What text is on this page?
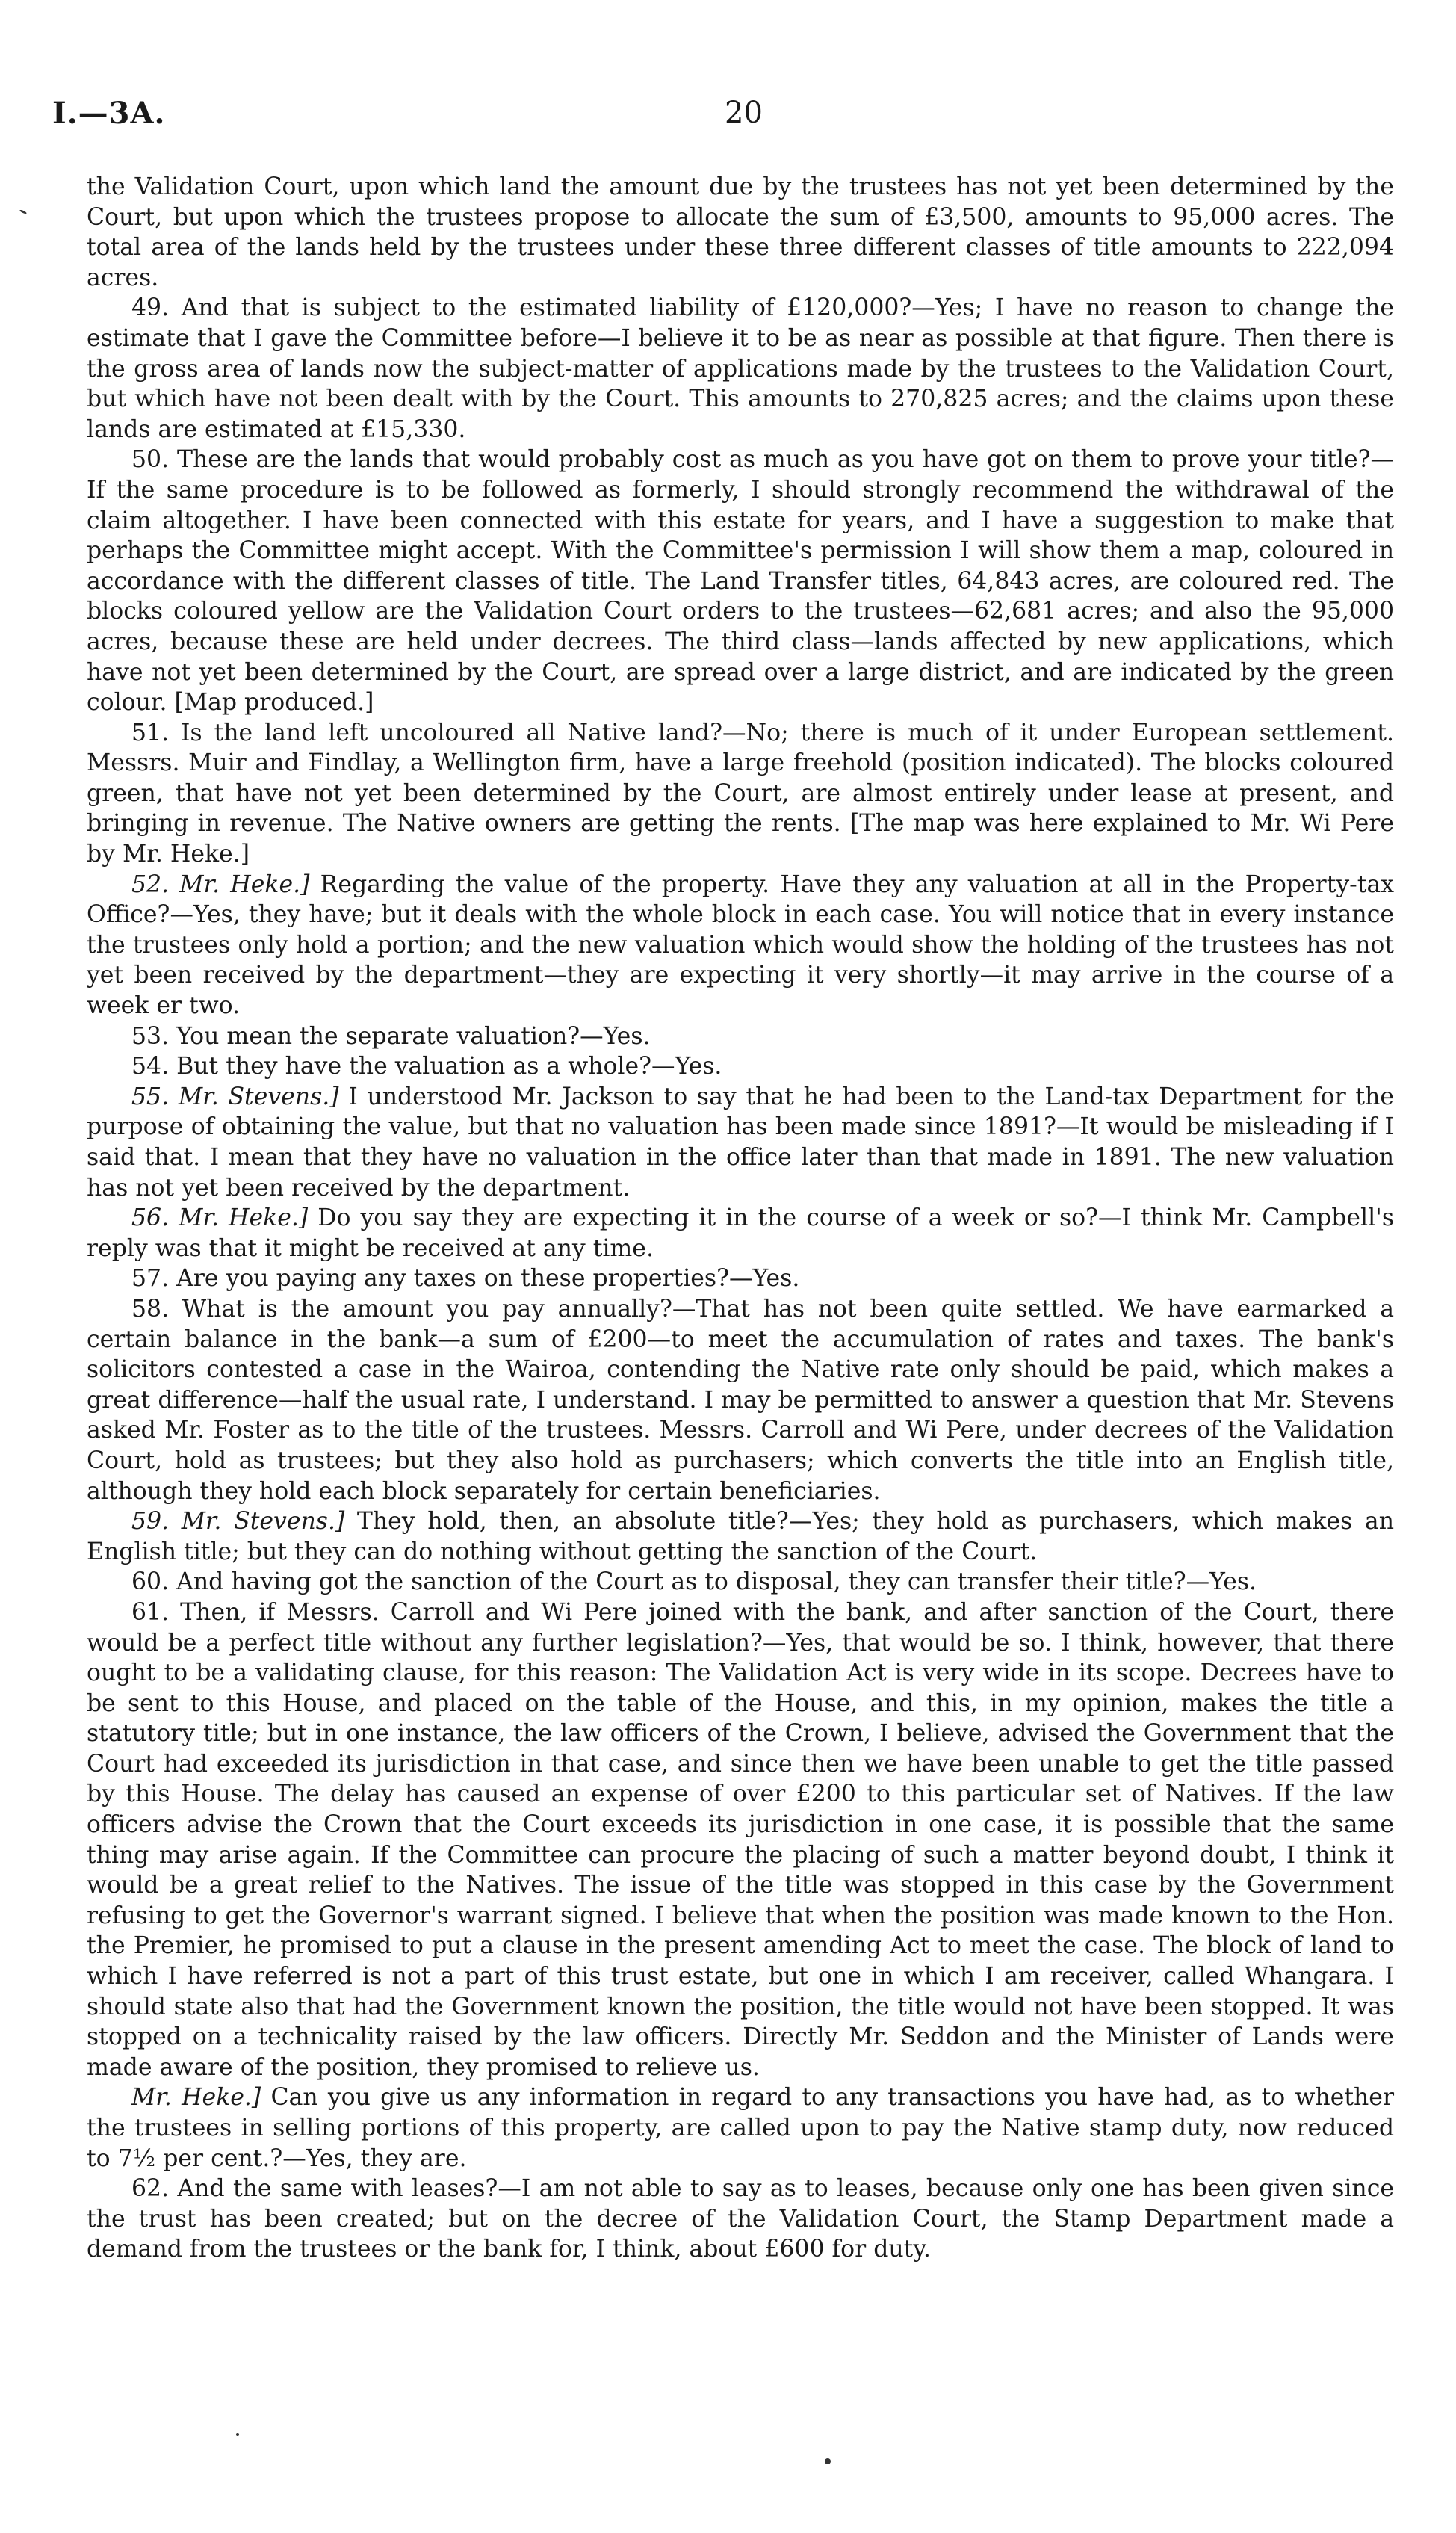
I.—3A.	20

the Validation Court, upon which land the amount due by the trustees has not yet been determined by the Court, but upon which the trustees propose to allocate the sum of £3,500, amounts to 95,000 acres. The total area of the lands held by the trustees under these three different classes of title amounts to 222,094 acres.

49. And that is subject to the estimated liability of £120,000?—Yes; I have no reason to change the estimate that I gave the Committee before—I believe it to be as near as possible at that figure. Then there is the gross area of lands now the subject-matter of applications made by the trustees to the Validation Court, but which have not been dealt with by the Court. This amounts to 270,825 acres; and the claims upon these lands are estimated at £15,330.

50. These are the lands that would probably cost as much as you have got on them to prove your title?—If the same procedure is to be followed as formerly, I should strongly recommend the withdrawal of the claim altogether. I have been connected with this estate for years, and I have a suggestion to make that perhaps the Committee might accept. With the Committee's permission I will show them a map, coloured in accordance with the different classes of title. The Land Transfer titles, 64,843 acres, are coloured red. The blocks coloured yellow are the Validation Court orders to the trustees—62,681 acres; and also the 95,000 acres, because these are held under decrees. The third class—lands affected by new applications, which have not yet been determined by the Court, are spread over a large district, and are indicated by the green colour. [Map produced.]

51. Is the land left uncoloured all Native land?—No; there is much of it under European settlement. Messrs. Muir and Findlay, a Wellington firm, have a large freehold (position indicated). The blocks coloured green, that have not yet been determined by the Court, are almost entirely under lease at present, and bringing in revenue. The Native owners are getting the rents. [The map was here explained to Mr. Wi Pere by Mr. Heke.]

52. Mr. Heke.] Regarding the value of the property. Have they any valuation at all in the Property-tax Office?—Yes, they have; but it deals with the whole block in each case. You will notice that in every instance the trustees only hold a portion; and the new valuation which would show the holding of the trustees has not yet been received by the department—they are expecting it very shortly—it may arrive in the course of a week er two.

53. You mean the separate valuation?—Yes.

54. But they have the valuation as a whole?—Yes.

55. Mr. Stevens.] I understood Mr. Jackson to say that he had been to the Land-tax Department for the purpose of obtaining the value, but that no valuation has been made since 1891?—It would be misleading if I said that. I mean that they have no valuation in the office later than that made in 1891. The new valuation has not yet been received by the department.

56. Mr. Heke.] Do you say they are expecting it in the course of a week or so?—I think Mr. Campbell's reply was that it might be received at any time.

57. Are you paying any taxes on these properties?—Yes.

58. What is the amount you pay annually?—That has not been quite settled. We have earmarked a certain balance in the bank—a sum of £200—to meet the accumulation of rates and taxes. The bank's solicitors contested a case in the Wairoa, contending the Native rate only should be paid, which makes a great difference—half the usual rate, I understand. I may be permitted to answer a question that Mr. Stevens asked Mr. Foster as to the title of the trustees. Messrs. Carroll and Wi Pere, under decrees of the Validation Court, hold as trustees; but they also hold as purchasers; which converts the title into an English title, although they hold each block separately for certain beneficiaries.

59. Mr. Stevens.] They hold, then, an absolute title?—Yes; they hold as purchasers, which makes an English title; but they can do nothing without getting the sanction of the Court.

60. And having got the sanction of the Court as to disposal, they can transfer their title?—Yes.

61. Then, if Messrs. Carroll and Wi Pere joined with the bank, and after sanction of the Court, there would be a perfect title without any further legislation?—Yes, that would be so. I think, however, that there ought to be a validating clause, for this reason: The Validation Act is very wide in its scope. Decrees have to be sent to this House, and placed on the table of the House, and this, in my opinion, makes the title a statutory title; but in one instance, the law officers of the Crown, I believe, advised the Government that the Court had exceeded its jurisdiction in that case, and since then we have been unable to get the title passed by this House. The delay has caused an expense of over £200 to this particular set of Natives. If the law officers advise the Crown that the Court exceeds its jurisdiction in one case, it is possible that the same thing may arise again. If the Committee can procure the placing of such a matter beyond doubt, I think it would be a great relief to the Natives. The issue of the title was stopped in this case by the Government refusing to get the Governor's warrant signed. I believe that when the position was made known to the Hon. the Premier, he promised to put a clause in the present amending Act to meet the case. The block of land to which I have referred is not a part of this trust estate, but one in which I am receiver, called Whangara. I should state also that had the Government known the position, the title would not have been stopped. It was stopped on a technicality raised by the law officers. Directly Mr. Seddon and the Minister of Lands were made aware of the position, they promised to relieve us.

Mr. Heke.] Can you give us any information in regard to any transactions you have had, as to whether the trustees in selling portions of this property, are called upon to pay the Native stamp duty, now reduced to 7½ per cent.?—Yes, they are.

62. And the same with leases?—I am not able to say as to leases, because only one has been given since the trust has been created; but on the decree of the Validation Court, the Stamp Department made a demand from the trustees or the bank for, I think, about £600 for duty.
